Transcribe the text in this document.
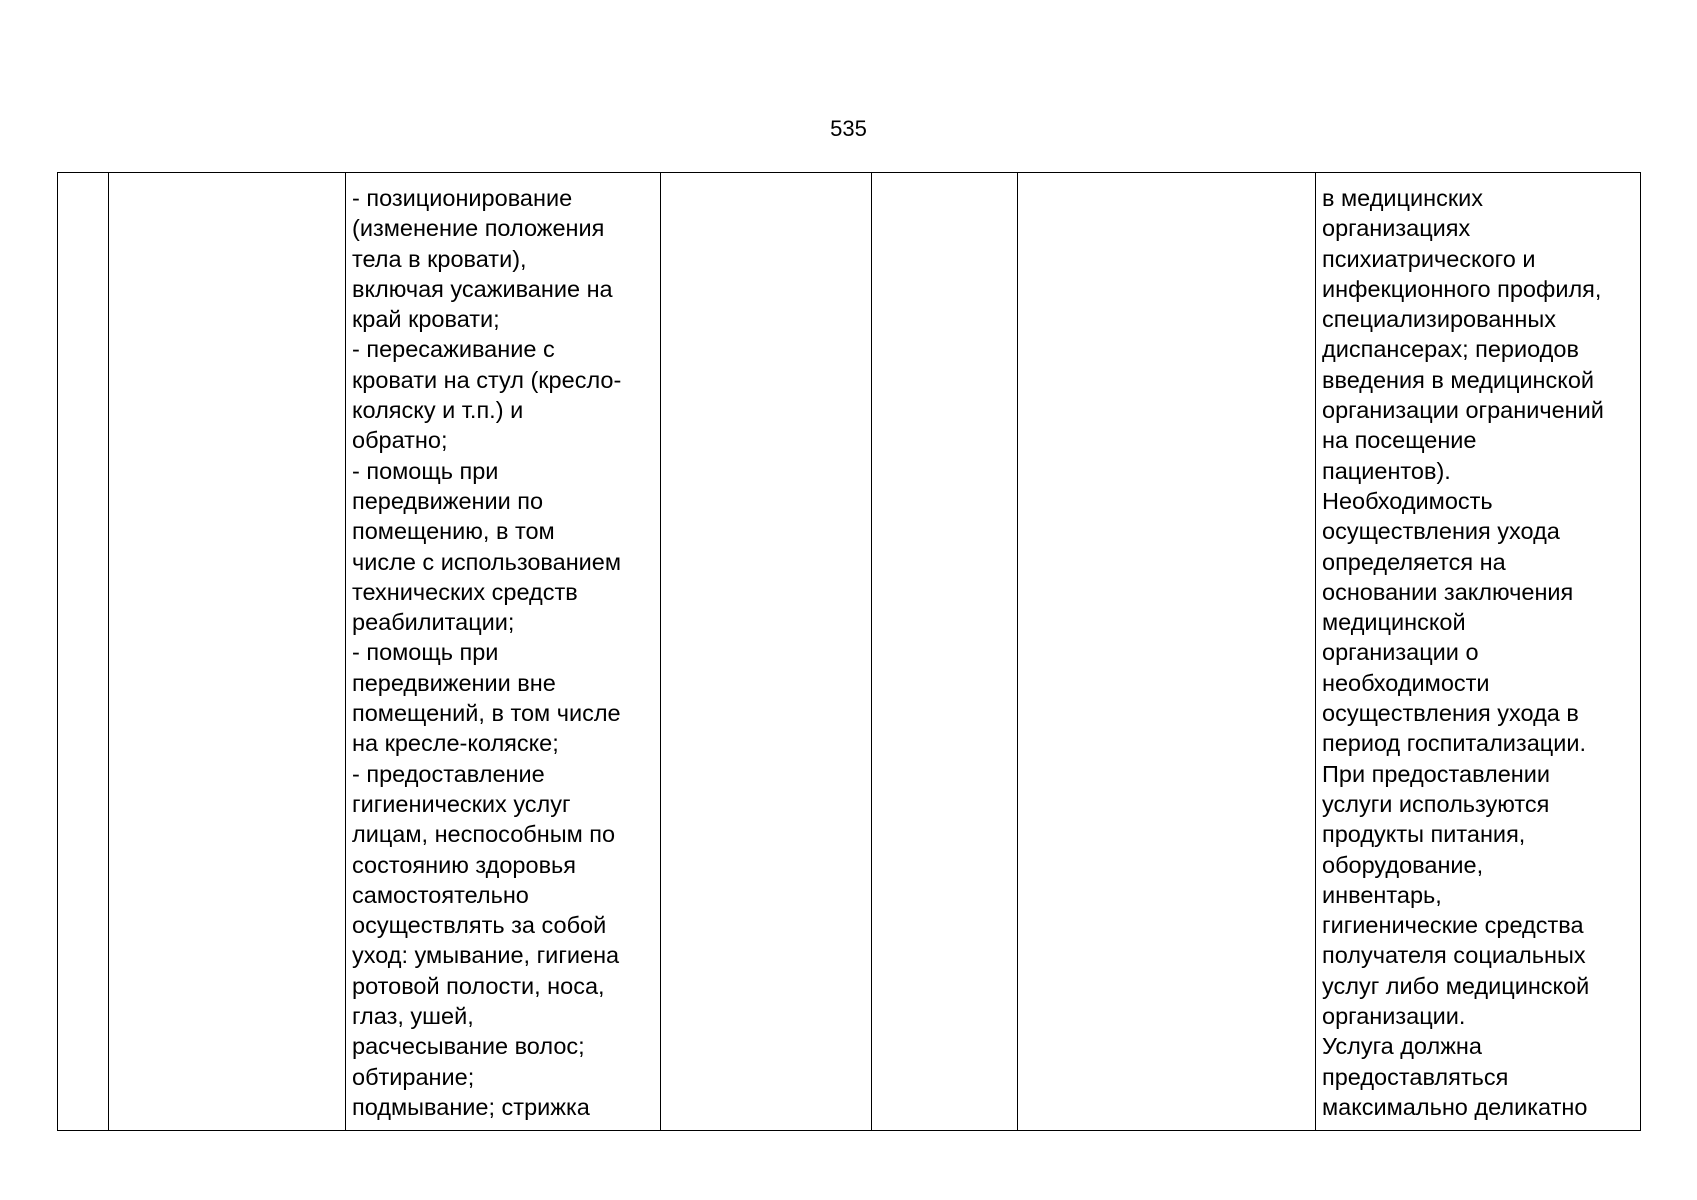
535
		- позиционирование
(изменение положения
тела в кровати),
включая усаживание на
край кровати;
- пересаживание с
кровати на стул (кресло-
коляску и т.п.) и
обратно;
- помощь при
передвижении по
помещению, в том
числе с использованием
технических средств
реабилитации;
- помощь при
передвижении вне
помещений, в том числе
на кресле-коляске;
- предоставление
гигиенических услуг
лицам, неспособным по
состоянию здоровья
самостоятельно
осуществлять за собой
уход: умывание, гигиена
ротовой полости, носа,
глаз, ушей,
расчесывание волос;
обтирание;
подмывание; стрижка				в медицинских
организациях
психиатрического и
инфекционного профиля,
специализированных
диспансерах; периодов
введения в медицинской
организации ограничений
на посещение
пациентов).
Необходимость
осуществления ухода
определяется на
основании заключения
медицинской
организации о
необходимости
осуществления ухода в
период госпитализации.
При предоставлении
услуги используются
продукты питания,
оборудование,
инвентарь,
гигиенические средства
получателя социальных
услуг либо медицинской
организации.
Услуга должна
предоставляться
максимально деликатно
